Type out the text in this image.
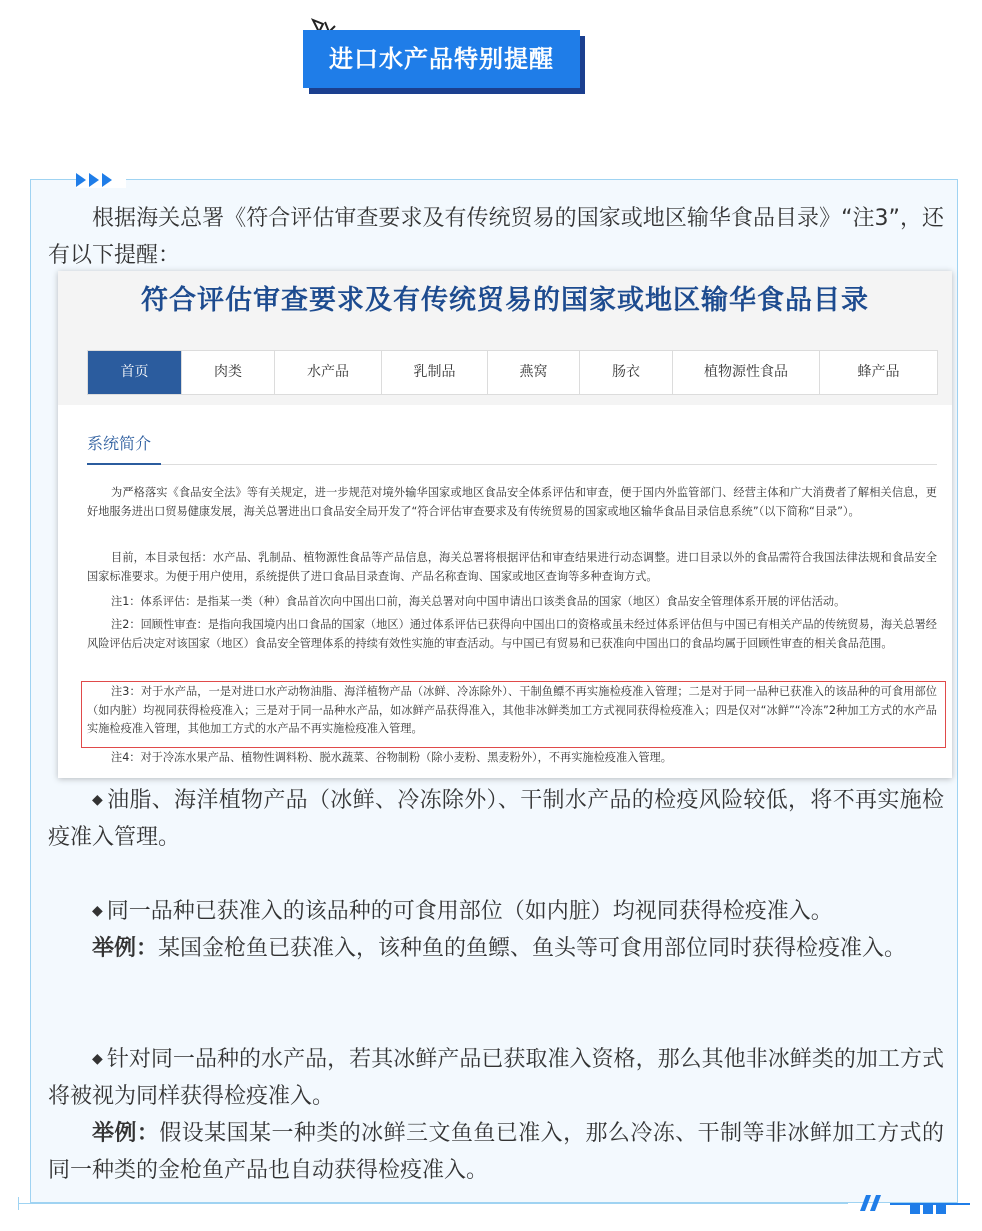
进口水产品特别提醒

根据海关总署《符合评估审查要求及有传统贸易的国家或地区输华食品目录》“注3”，还有以下提醒：

符合评估审查要求及有传统贸易的国家或地区输华食品目录
首页	肉类	水产品	乳制品	燕窝	肠衣	植物源性食品	蜂产品
系统简介

为严格落实《食品安全法》等有关规定，进一步规范对境外输华国家或地区食品安全体系评估和审查，便于国内外监管部门、经营主体和广大消费者了解相关信息，更好地服务进出口贸易健康发展，海关总署进出口食品安全局开发了“符合评估审查要求及有传统贸易的国家或地区输华食品目录信息系统”（以下简称“目录”）。

目前，本目录包括：水产品、乳制品、植物源性食品等产品信息，海关总署将根据评估和审查结果进行动态调整。进口目录以外的食品需符合我国法律法规和食品安全国家标准要求。为便于用户使用，系统提供了进口食品目录查询、产品名称查询、国家或地区查询等多种查询方式。

注1：体系评估：是指某一类（种）食品首次向中国出口前，海关总署对向中国申请出口该类食品的国家（地区）食品安全管理体系开展的评估活动。

注2：回顾性审查：是指向我国境内出口食品的国家（地区）通过体系评估已获得向中国出口的资格或虽未经过体系评估但与中国已有相关产品的传统贸易，海关总署经风险评估后决定对该国家（地区）食品安全管理体系的持续有效性实施的审查活动。与中国已有贸易和已获准向中国出口的食品均属于回顾性审查的相关食品范围。

注3：对于水产品，一是对进口水产动物油脂、海洋植物产品（冰鲜、冷冻除外）、干制鱼鳔不再实施检疫准入管理；二是对于同一品种已获准入的该品种的可食用部位（如内脏）均视同获得检疫准入；三是对于同一品种水产品，如冰鲜产品获得准入，其他非冰鲜类加工方式视同获得检疫准入；四是仅对“冰鲜”“冷冻”2种加工方式的水产品实施检疫准入管理，其他加工方式的水产品不再实施检疫准入管理。

注4：对于冷冻水果产品、植物性调料粉、脱水蔬菜、谷物制粉（除小麦粉、黑麦粉外），不再实施检疫准入管理。

◆ 油脂、海洋植物产品（冰鲜、冷冻除外）、干制水产品的检疫风险较低，将不再实施检疫准入管理。

◆ 同一品种已获准入的该品种的可食用部位（如内脏）均视同获得检疫准入。

举例：某国金枪鱼已获准入，该种鱼的鱼鳔、鱼头等可食用部位同时获得检疫准入。

◆ 针对同一品种的水产品，若其冰鲜产品已获取准入资格，那么其他非冰鲜类的加工方式将被视为同样获得检疫准入。

举例：假设某国某一种类的冰鲜三文鱼鱼已准入，那么冷冻、干制等非冰鲜加工方式的同一种类的金枪鱼产品也自动获得检疫准入。
